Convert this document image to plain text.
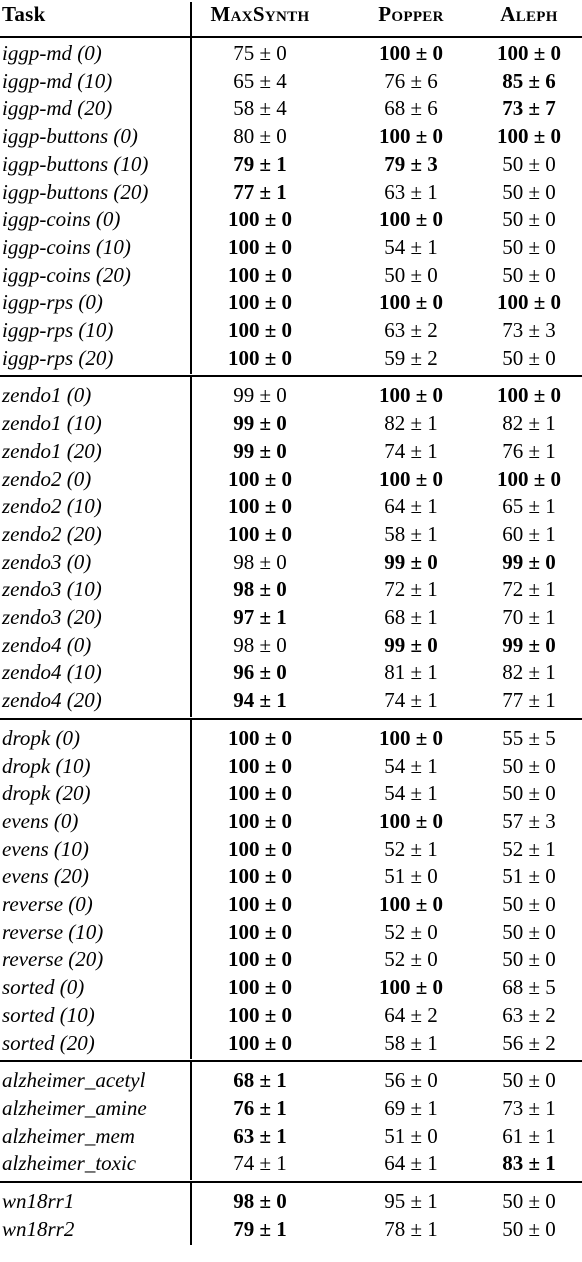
Task	MaxSynth	Popper	Aleph
iggp-md (0)	75 ± 0	100 ± 0	100 ± 0
iggp-md (10)	65 ± 4	76 ± 6	85 ± 6
iggp-md (20)	58 ± 4	68 ± 6	73 ± 7
iggp-buttons (0)	80 ± 0	100 ± 0	100 ± 0
iggp-buttons (10)	79 ± 1	79 ± 3	50 ± 0
iggp-buttons (20)	77 ± 1	63 ± 1	50 ± 0
iggp-coins (0)	100 ± 0	100 ± 0	50 ± 0
iggp-coins (10)	100 ± 0	54 ± 1	50 ± 0
iggp-coins (20)	100 ± 0	50 ± 0	50 ± 0
iggp-rps (0)	100 ± 0	100 ± 0	100 ± 0
iggp-rps (10)	100 ± 0	63 ± 2	73 ± 3
iggp-rps (20)	100 ± 0	59 ± 2	50 ± 0
zendo1 (0)	99 ± 0	100 ± 0	100 ± 0
zendo1 (10)	99 ± 0	82 ± 1	82 ± 1
zendo1 (20)	99 ± 0	74 ± 1	76 ± 1
zendo2 (0)	100 ± 0	100 ± 0	100 ± 0
zendo2 (10)	100 ± 0	64 ± 1	65 ± 1
zendo2 (20)	100 ± 0	58 ± 1	60 ± 1
zendo3 (0)	98 ± 0	99 ± 0	99 ± 0
zendo3 (10)	98 ± 0	72 ± 1	72 ± 1
zendo3 (20)	97 ± 1	68 ± 1	70 ± 1
zendo4 (0)	98 ± 0	99 ± 0	99 ± 0
zendo4 (10)	96 ± 0	81 ± 1	82 ± 1
zendo4 (20)	94 ± 1	74 ± 1	77 ± 1
dropk (0)	100 ± 0	100 ± 0	55 ± 5
dropk (10)	100 ± 0	54 ± 1	50 ± 0
dropk (20)	100 ± 0	54 ± 1	50 ± 0
evens (0)	100 ± 0	100 ± 0	57 ± 3
evens (10)	100 ± 0	52 ± 1	52 ± 1
evens (20)	100 ± 0	51 ± 0	51 ± 0
reverse (0)	100 ± 0	100 ± 0	50 ± 0
reverse (10)	100 ± 0	52 ± 0	50 ± 0
reverse (20)	100 ± 0	52 ± 0	50 ± 0
sorted (0)	100 ± 0	100 ± 0	68 ± 5
sorted (10)	100 ± 0	64 ± 2	63 ± 2
sorted (20)	100 ± 0	58 ± 1	56 ± 2
alzheimer_acetyl	68 ± 1	56 ± 0	50 ± 0
alzheimer_amine	76 ± 1	69 ± 1	73 ± 1
alzheimer_mem	63 ± 1	51 ± 0	61 ± 1
alzheimer_toxic	74 ± 1	64 ± 1	83 ± 1
wn18rr1	98 ± 0	95 ± 1	50 ± 0
wn18rr2	79 ± 1	78 ± 1	50 ± 0
